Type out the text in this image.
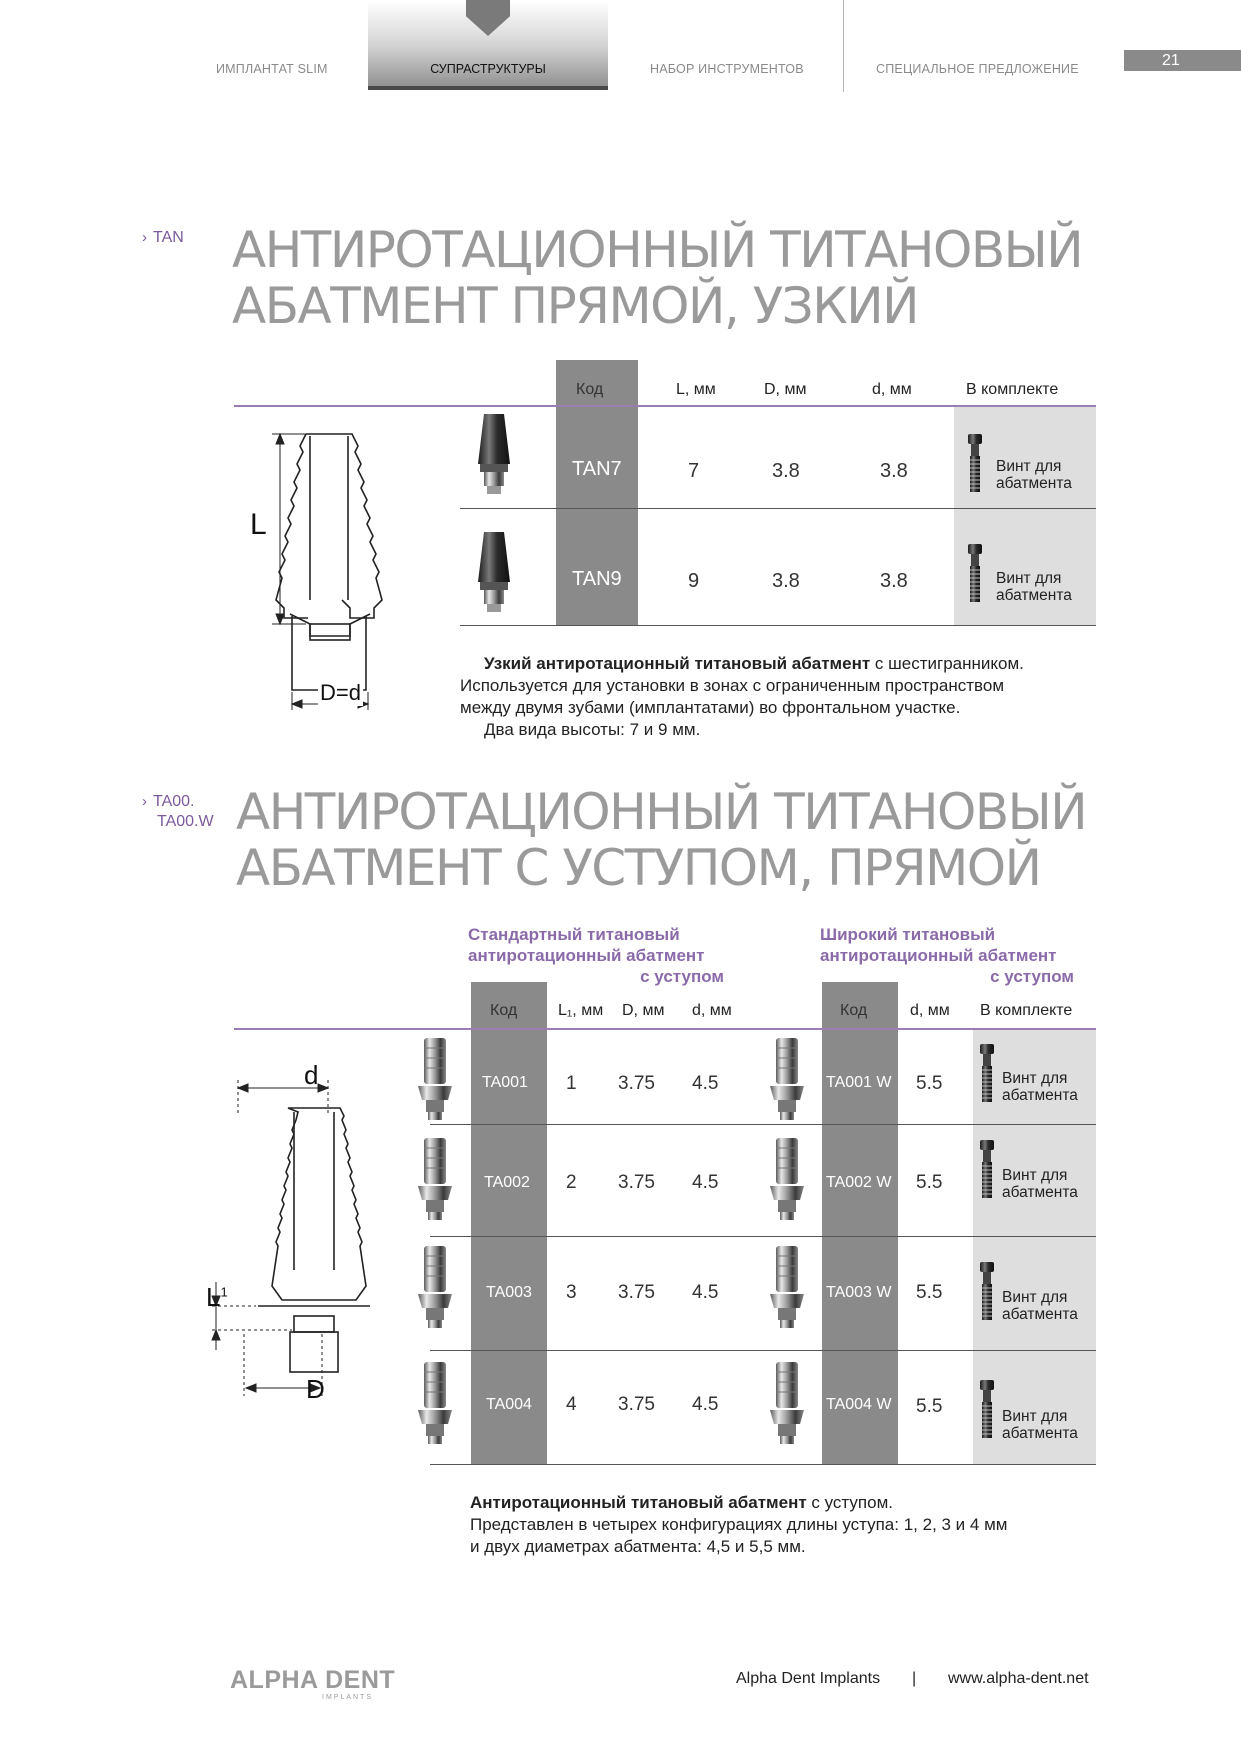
ИМПЛАНТАТ SLIM	СУПРАСТРУКТУРЫ	НАБОР ИНСТРУМЕНТОВ	СПЕЦИАЛЬНОЕ ПРЕДЛОЖЕНИЕ	21
› TAN АНТИРОТАЦИОННЫЙ ТИТАНОВЫЙ
АБАТМЕНТ ПРЯМОЙ, УЗКИЙ
Код	L, мм	D, мм	d, мм	В комплекте
TAN7	7	3.8	3.8	Винт для абатмента
TAN9	9	3.8	3.8	Винт для абатмента
L
D=d
Узкий антиротационный титановый абатмент с шестигранником.
Используется для установки в зонах с ограниченным пространством
между двумя зубами (имплантатами) во фронтальном участке.
Два вида высоты: 7 и 9 мм.
› TA00.
TA00.W АНТИРОТАЦИОННЫЙ ТИТАНОВЫЙ
АБАТМЕНТ С УСТУПОМ, ПРЯМОЙ
Стандартный титановый
антиротационный абатмент
с уступом
Широкий титановый
антиротационный абатмент
с уступом
Код	L₁, мм D, мм d, мм	Код	d, мм В комплекте
TA001 1 3.75 4.5	TA001 W 5.5	Винт для абатмента
TA002 2 3.75 4.5	TA002 W 5.5	Винт для абатмента
TA003 3 3.75 4.5	TA003 W 5.5	Винт для абатмента
TA004 4 3.75 4.5	TA004 W 5.5	Винт для абатмента
d
$L^1$
D
Антиротационный титановый абатмент с уступом.
Представлен в четырех конфигурациях длины уступа: 1, 2, 3 и 4 мм
и двух диаметрах абатмента: 4,5 и 5,5 мм.
ALPHA DENT
IMPLANTS
Alpha Dent Implants | www.alpha-dent.net
